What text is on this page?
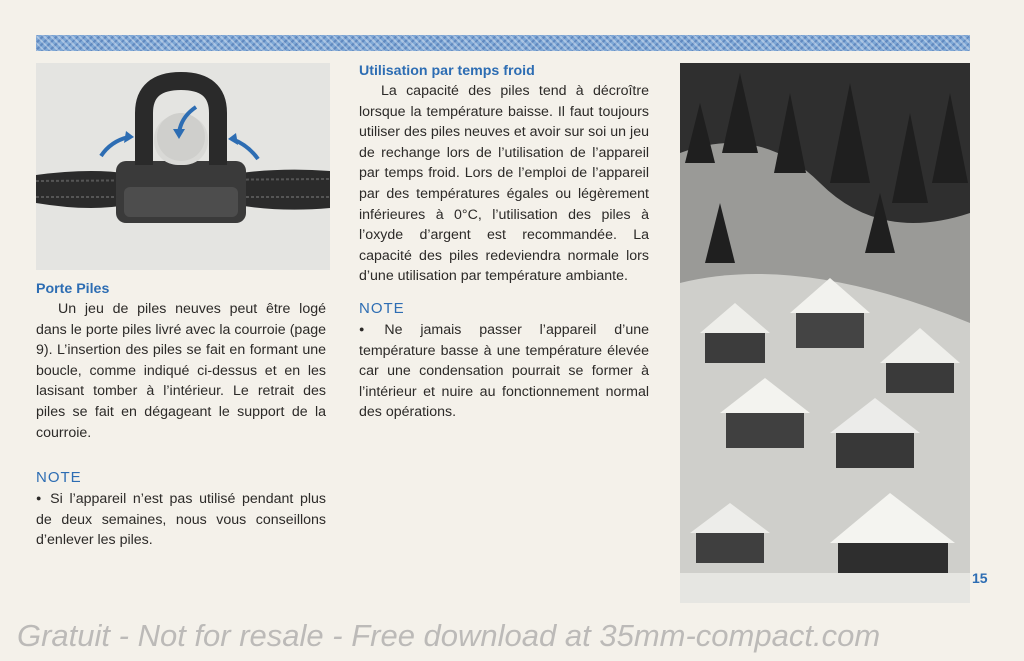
Porte Piles

Un jeu de piles neuves peut être logé dans le porte piles livré avec la courroie (page 9). L’insertion des piles se fait en formant une boucle, comme indiqué ci-dessus et en les lasisant tomber à l’intérieur. Le retrait des piles se fait en dégageant le support de la courroie.

NOTE

● Si l’appareil n’est pas utilisé pendant plus de deux semaines, nous vous conseillons d’enlever les piles.

Utilisation par temps froid

La capacité des piles tend à décroître lorsque la température baisse. Il faut toujours utiliser des piles neuves et avoir sur soi un jeu de rechange lors de l’utilisation de l’appareil par temps froid. Lors de l’emploi de l’appareil par des températures égales ou légèrement inférieures à 0°C, l’utilisation des piles à l’oxyde d’argent est recommandée. La capacité des piles redeviendra normale lors d’une utilisation par température ambiante.

NOTE

● Ne jamais passer l’appareil d’une température basse à une température élevée car une condensation pourrait se former à l’intérieur et nuire au fonctionnement normal des opérations.

15
Gratuit - Not for resale - Free download at 35mm-compact.com
